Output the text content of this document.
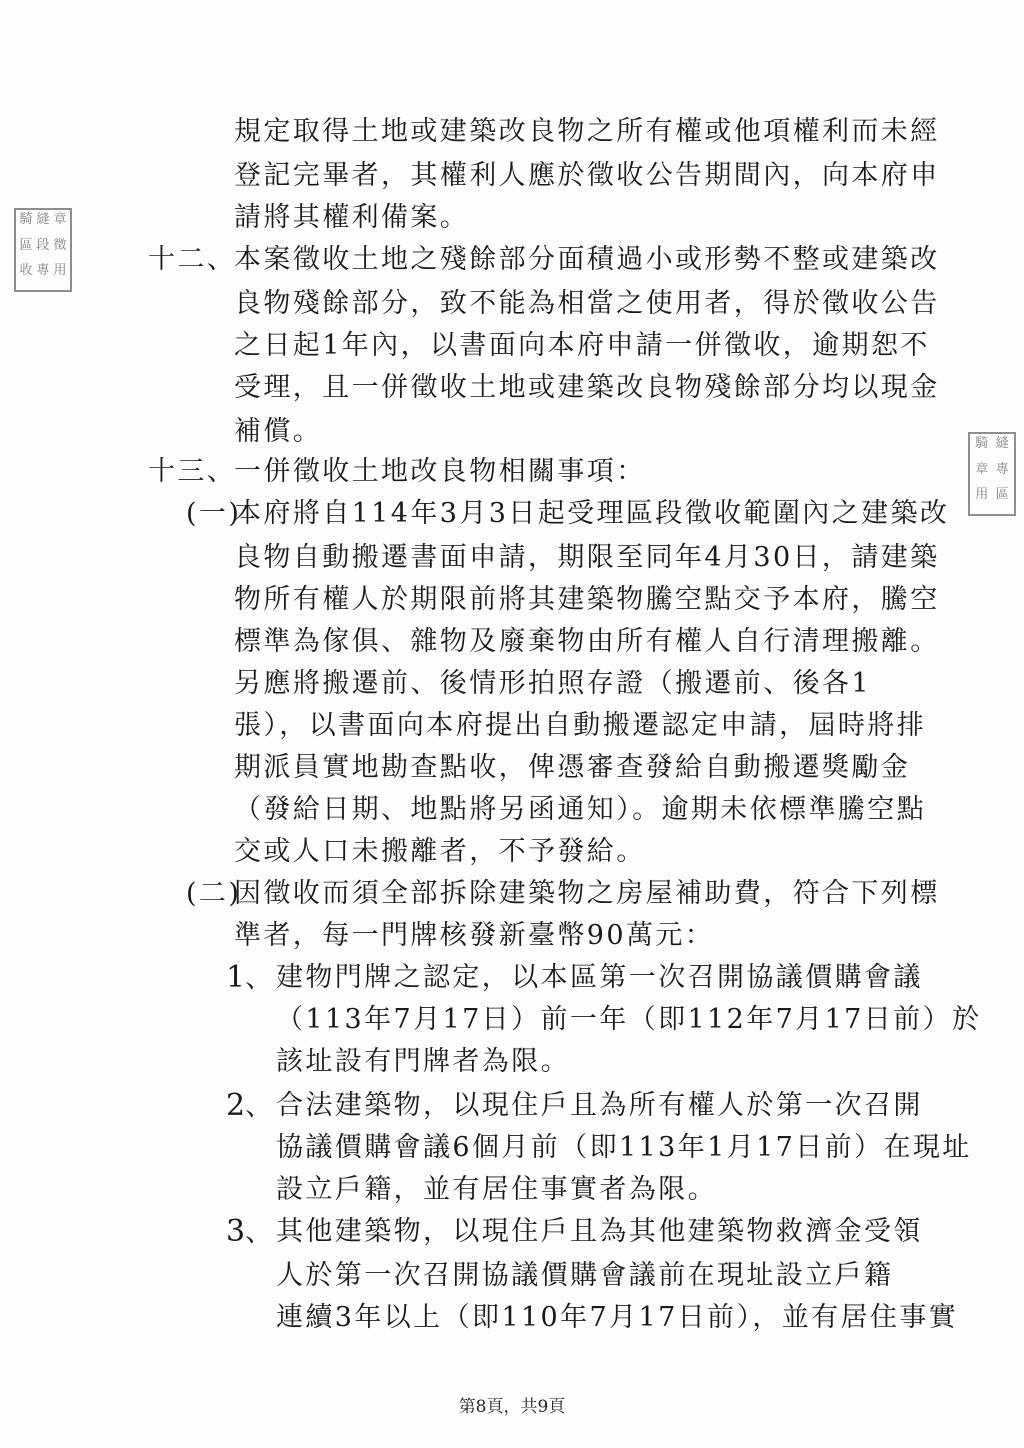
騎 縫 章
區 段 徵
收 專 用
騎 縫
章 專
用 區
規定取得土地或建築改良物之所有權或他項權利而未經
登記完畢者，其權利人應於徵收公告期間內，向本府申
請將其權利備案。
十二、
本案徵收土地之殘餘部分面積過小或形勢不整或建築改
良物殘餘部分，致不能為相當之使用者，得於徵收公告
之日起1年內，以書面向本府申請一併徵收，逾期恕不
受理，且一併徵收土地或建築改良物殘餘部分均以現金
補償。
十三、
一併徵收土地改良物相關事項：
(一)
本府將自114年3月3日起受理區段徵收範圍內之建築改
良物自動搬遷書面申請，期限至同年4月30日，請建築
物所有權人於期限前將其建築物騰空點交予本府，騰空
標準為傢俱、雜物及廢棄物由所有權人自行清理搬離。
另應將搬遷前、後情形拍照存證（搬遷前、後各1
張），以書面向本府提出自動搬遷認定申請，屆時將排
期派員實地勘查點收，俾憑審查發給自動搬遷獎勵金
（發給日期、地點將另函通知）。逾期未依標準騰空點
交或人口未搬離者，不予發給。
(二)
因徵收而須全部拆除建築物之房屋補助費，符合下列標
準者，每一門牌核發新臺幣90萬元：
1、 建物門牌之認定，以本區第一次召開協議價購會議
（113年7月17日）前一年（即112年7月17日前）於
該址設有門牌者為限。
2、 合法建築物，以現住戶且為所有權人於第一次召開
協議價購會議6個月前（即113年1月17日前）在現址
設立戶籍，並有居住事實者為限。
3、 其他建築物，以現住戶且為其他建築物救濟金受領
人於第一次召開協議價購會議前在現址設立戶籍
連續3年以上（即110年7月17日前），並有居住事實
第8頁，共9頁
